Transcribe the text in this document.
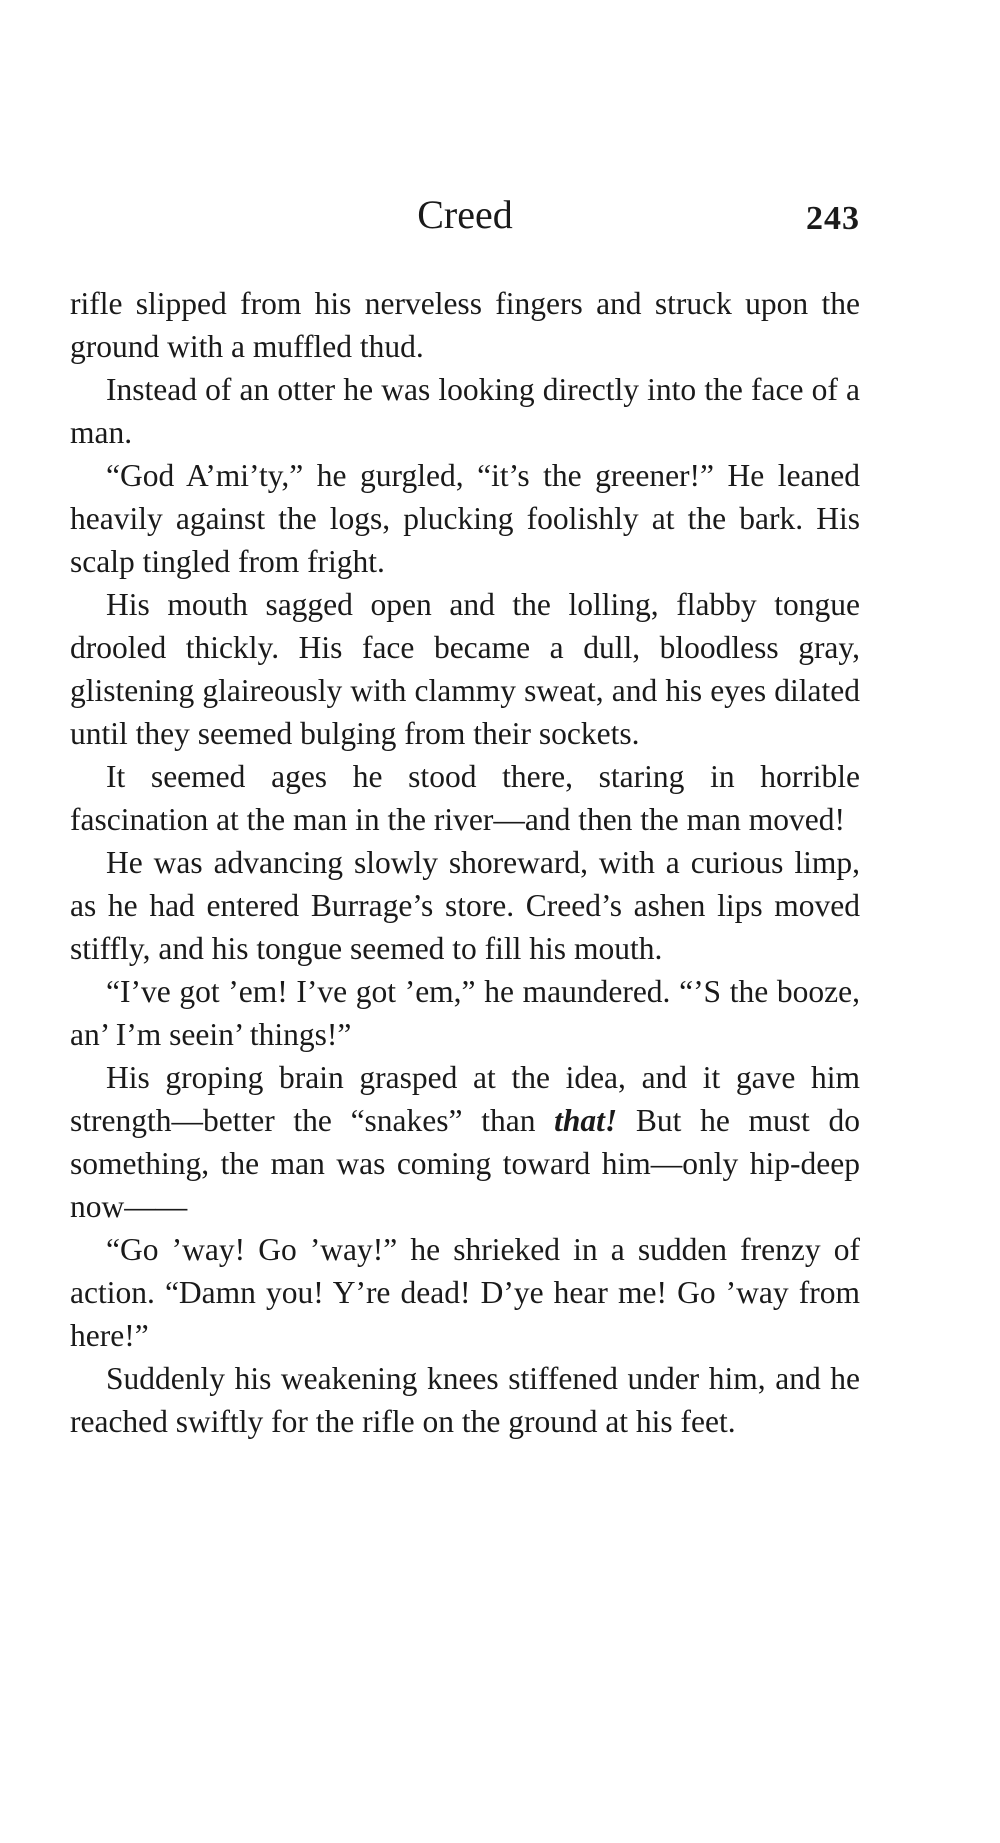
Creed	243

rifle slipped from his nerveless fingers and struck upon the ground with a muffled thud.

Instead of an otter he was looking directly into the face of a man.

“God A’mi’ty,” he gurgled, “it’s the greener!” He leaned heavily against the logs, plucking foolishly at the bark. His scalp tingled from fright.

His mouth sagged open and the lolling, flabby tongue drooled thickly. His face became a dull, bloodless gray, glistening glaireously with clammy sweat, and his eyes dilated until they seemed bulging from their sockets.

It seemed ages he stood there, staring in horrible fascination at the man in the river—and then the man moved!

He was advancing slowly shoreward, with a curious limp, as he had entered Burrage’s store. Creed’s ashen lips moved stiffly, and his tongue seemed to fill his mouth.

“I’ve got ’em! I’ve got ’em,” he maundered. “’S the booze, an’ I’m seein’ things!”

His groping brain grasped at the idea, and it gave him strength—better the “snakes” than that! But he must do something, the man was coming toward him—only hip-deep now——

“Go ’way! Go ’way!” he shrieked in a sudden frenzy of action. “Damn you! Y’re dead! D’ye hear me! Go ’way from here!”

Suddenly his weakening knees stiffened under him, and he reached swiftly for the rifle on the ground at his feet.
